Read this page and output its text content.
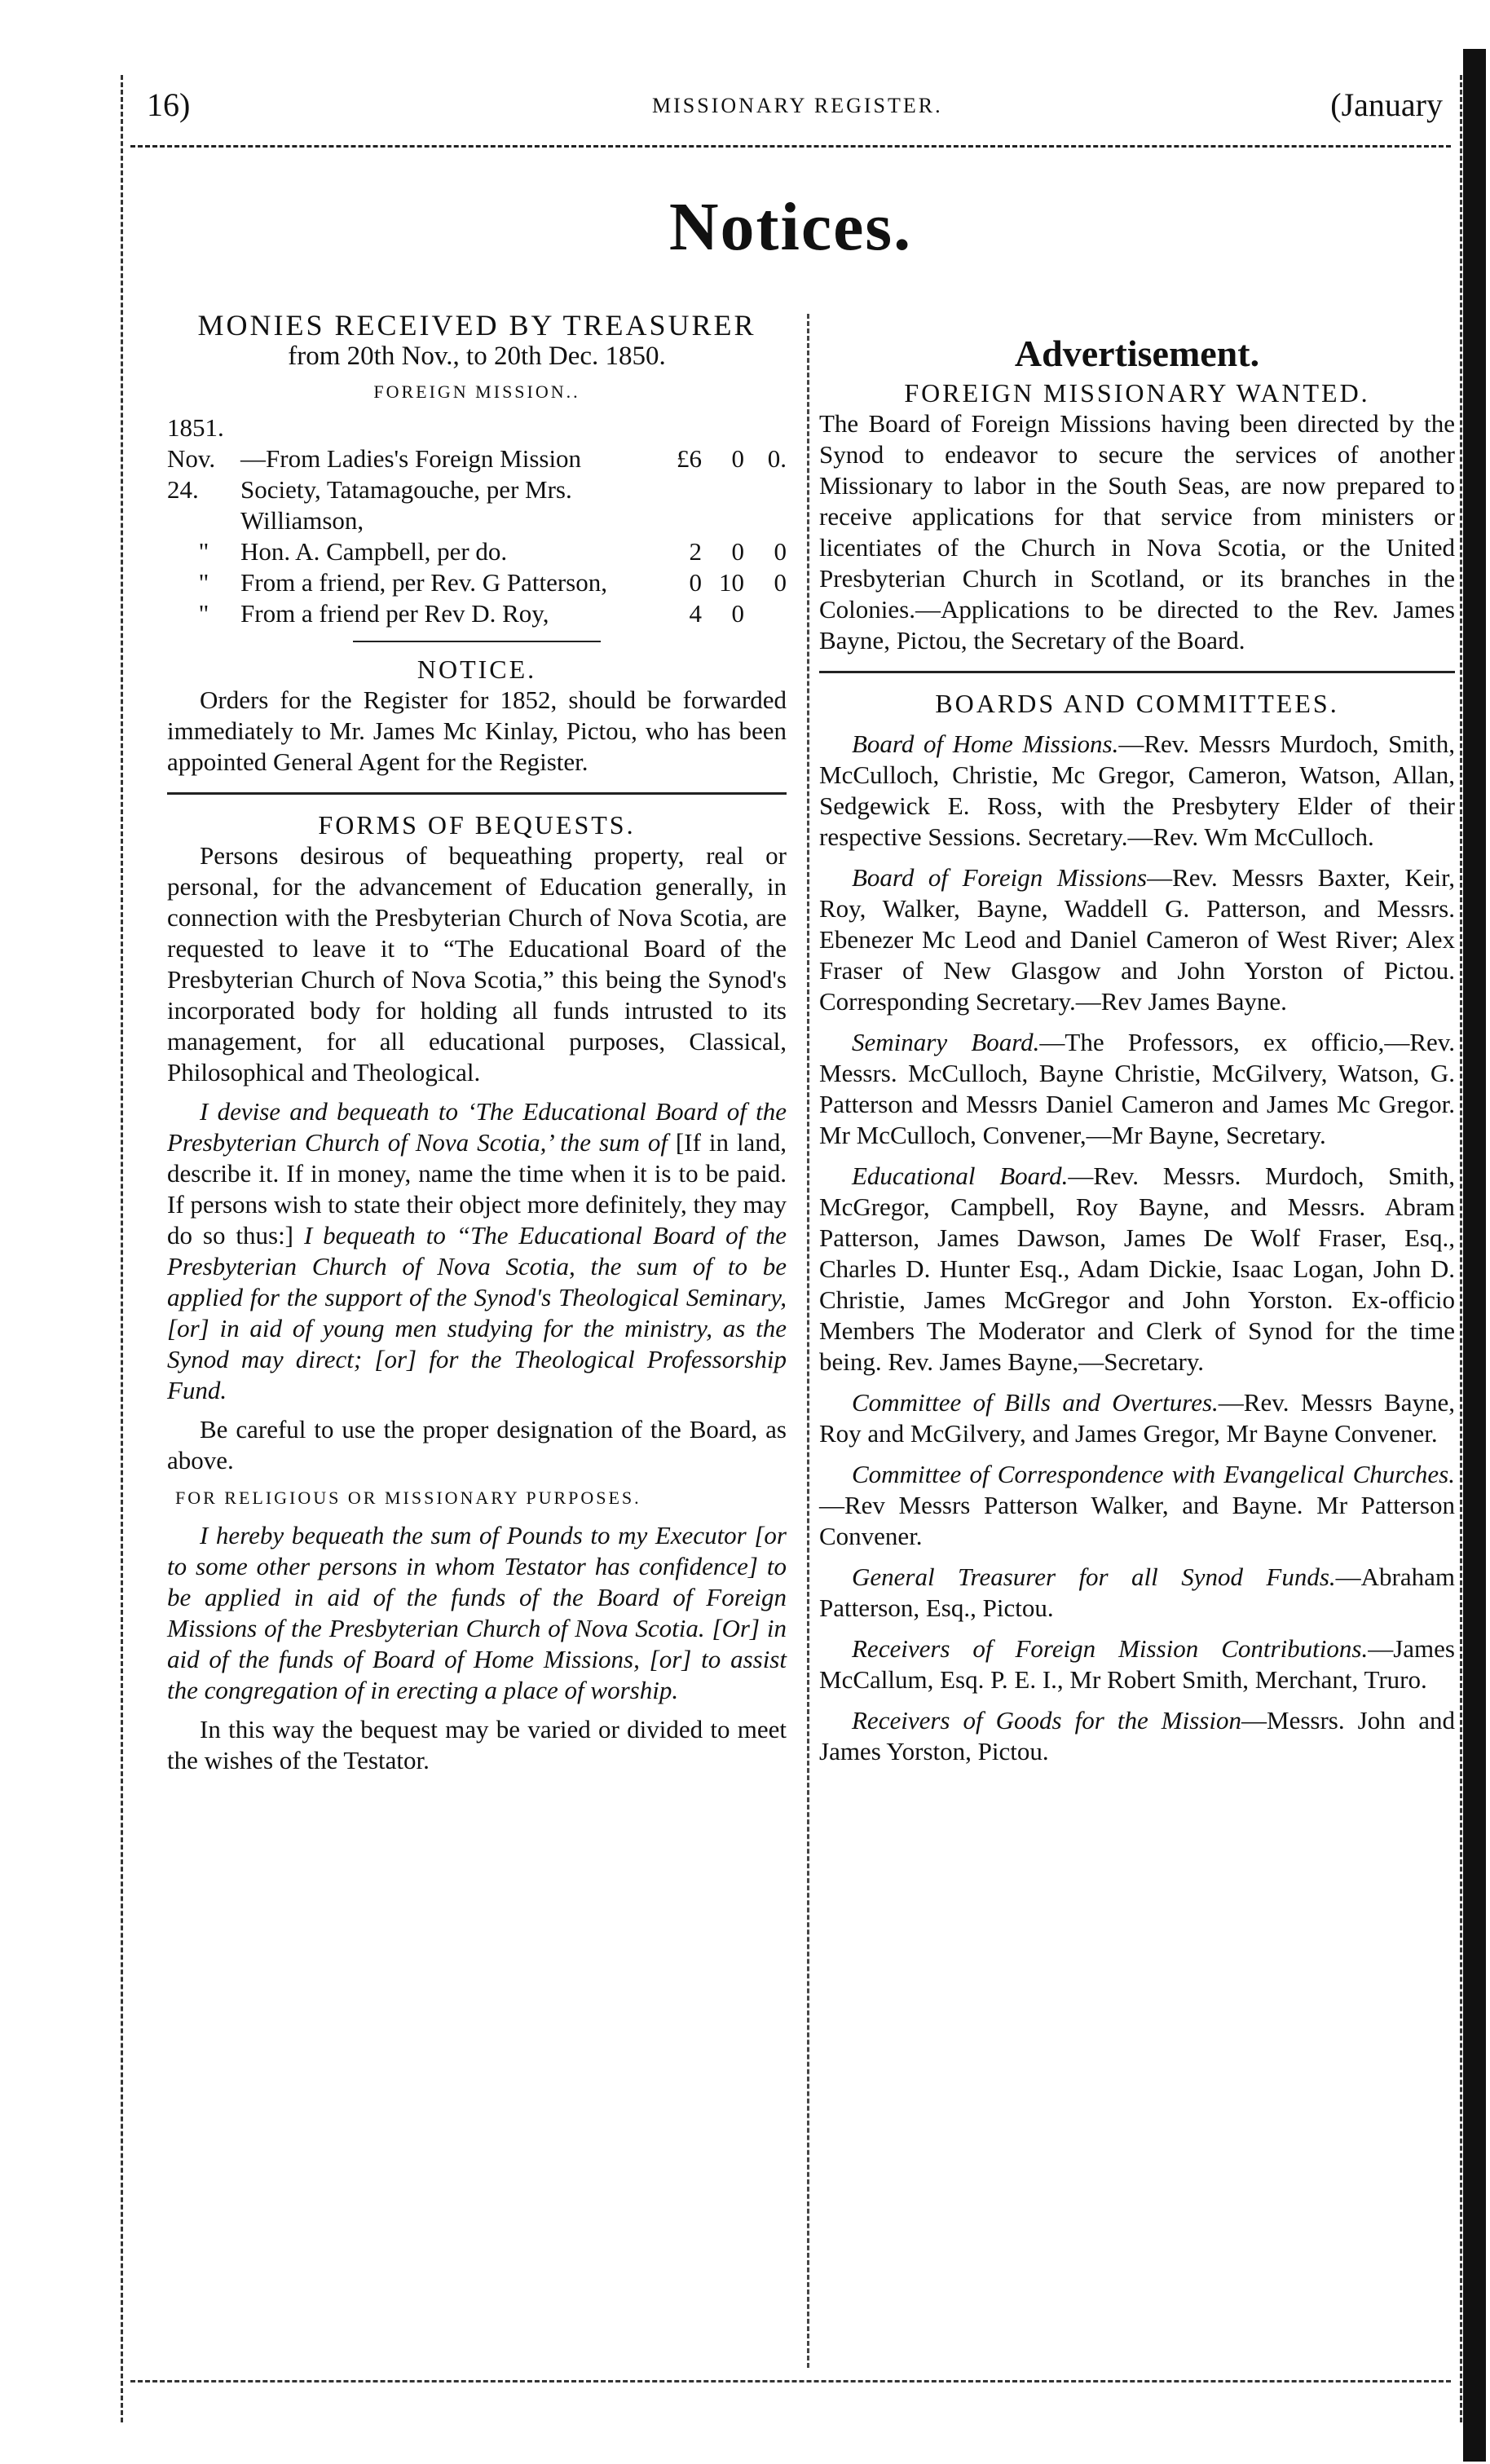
16)	MISSIONARY REGISTER.	(January
Notices.
MONIES RECEIVED BY TREASURER
from 20th Nov., to 20th Dec. 1850.
FOREIGN MISSION..
1851.
Nov. 24.	—From Ladies's Foreign Mission Society, Tatamagouche, per Mrs. Williamson,	£6	0	0.
"	Hon. A. Campbell, per do.	2	0	0
"	From a friend, per Rev. G Patterson,	0	10	0
"	From a friend per Rev D. Roy,	4	0	
NOTICE.

Orders for the Register for 1852, should be forwarded immediately to Mr. James Mc Kinlay, Pictou, who has been appointed General Agent for the Register.

FORMS OF BEQUESTS.

Persons desirous of bequeathing property, real or personal, for the advancement of Education generally, in connection with the Presbyterian Church of Nova Scotia, are requested to leave it to “The Educational Board of the Presbyterian Church of Nova Scotia,” this being the Synod's incorporated body for holding all funds intrusted to its management, for all educational purposes, Classical, Philosophical and Theological.

I devise and bequeath to ‘The Educational Board of the Presbyterian Church of Nova Scotia,’ the sum of [If in land, describe it. If in money, name the time when it is to be paid. If persons wish to state their object more definitely, they may do so thus:] I bequeath to “The Educational Board of the Presbyterian Church of Nova Scotia, the sum of to be applied for the support of the Synod's Theological Seminary, [or] in aid of young men studying for the ministry, as the Synod may direct; [or] for the Theological Professorship Fund.

Be careful to use the proper designation of the Board, as above.

FOR RELIGIOUS OR MISSIONARY PURPOSES.

I hereby bequeath the sum of Pounds to my Executor [or to some other persons in whom Testator has confidence] to be applied in aid of the funds of the Board of Foreign Missions of the Presbyterian Church of Nova Scotia. [Or] in aid of the funds of Board of Home Missions, [or] to assist the congregation of in erecting a place of worship.

In this way the bequest may be varied or divided to meet the wishes of the Testator.

Advertisement.
FOREIGN MISSIONARY WANTED.

The Board of Foreign Missions having been directed by the Synod to endeavor to secure the services of another Missionary to labor in the South Seas, are now prepared to receive applications for that service from ministers or licentiates of the Church in Nova Scotia, or the United Presbyterian Church in Scotland, or its branches in the Colonies.—Applications to be directed to the Rev. James Bayne, Pictou, the Secretary of the Board.

BOARDS AND COMMITTEES.

Board of Home Missions.—Rev. Messrs Murdoch, Smith, McCulloch, Christie, Mc Gregor, Cameron, Watson, Allan, Sedgewick E. Ross, with the Presbytery Elder of their respective Sessions. Secretary.—Rev. Wm McCulloch.

Board of Foreign Missions—Rev. Messrs Baxter, Keir, Roy, Walker, Bayne, Waddell G. Patterson, and Messrs. Ebenezer Mc Leod and Daniel Cameron of West River; Alex Fraser of New Glasgow and John Yorston of Pictou. Corresponding Secretary.—Rev James Bayne.

Seminary Board.—The Professors, ex officio,—Rev. Messrs. McCulloch, Bayne Christie, McGilvery, Watson, G. Patterson and Messrs Daniel Cameron and James Mc Gregor. Mr McCulloch, Convener,—Mr Bayne, Secretary.

Educational Board.—Rev. Messrs. Murdoch, Smith, McGregor, Campbell, Roy Bayne, and Messrs. Abram Patterson, James Dawson, James De Wolf Fraser, Esq., Charles D. Hunter Esq., Adam Dickie, Isaac Logan, John D. Christie, James McGregor and John Yorston. Ex-officio Members The Moderator and Clerk of Synod for the time being. Rev. James Bayne,—Secretary.

Committee of Bills and Overtures.—Rev. Messrs Bayne, Roy and McGilvery, and James Gregor, Mr Bayne Convener.

Committee of Correspondence with Evangelical Churches.—Rev Messrs Patterson Walker, and Bayne. Mr Patterson Convener.

General Treasurer for all Synod Funds.—Abraham Patterson, Esq., Pictou.

Receivers of Foreign Mission Contributions.—James McCallum, Esq. P. E. I., Mr Robert Smith, Merchant, Truro.

Receivers of Goods for the Mission—Messrs. John and James Yorston, Pictou.
